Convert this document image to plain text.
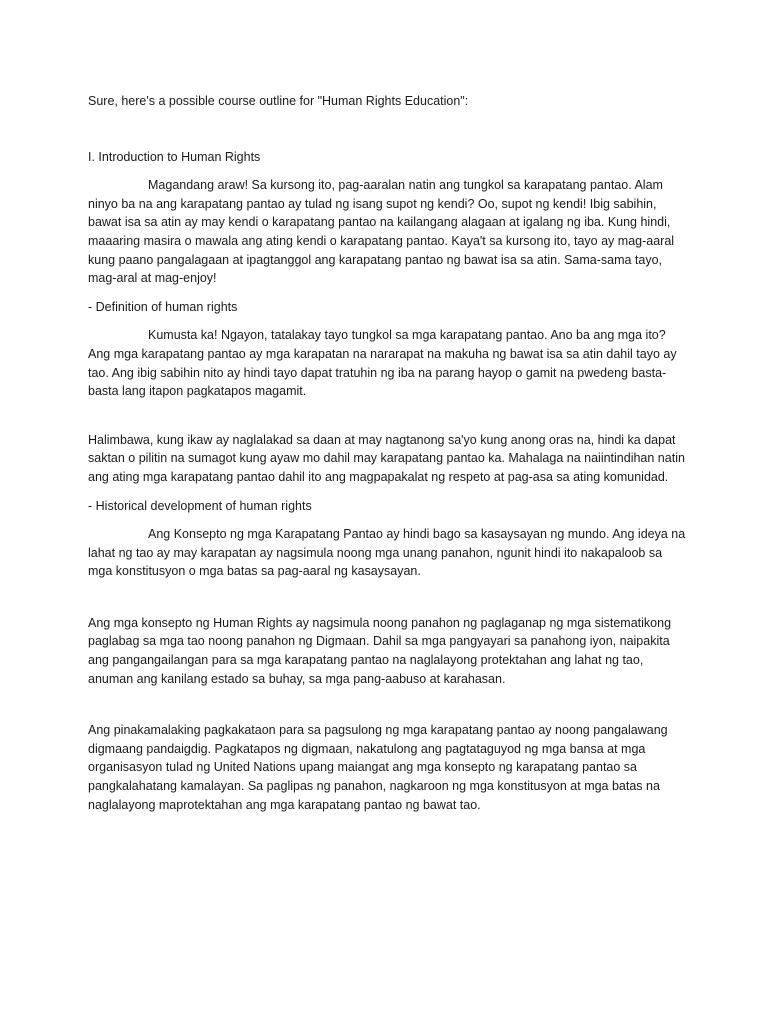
Sure, here's a possible course outline for "Human Rights Education":

I. Introduction to Human Rights

Magandang araw! Sa kursong ito, pag-aaralan natin ang tungkol sa karapatang pantao. Alam ninyo ba na ang karapatang pantao ay tulad ng isang supot ng kendi? Oo, supot ng kendi! Ibig sabihin, bawat isa sa atin ay may kendi o karapatang pantao na kailangang alagaan at igalang ng iba. Kung hindi, maaaring masira o mawala ang ating kendi o karapatang pantao. Kaya't sa kursong ito, tayo ay mag-aaral kung paano pangalagaan at ipagtanggol ang karapatang pantao ng bawat isa sa atin. Sama-sama tayo, mag-aral at mag-enjoy!

- Definition of human rights

Kumusta ka! Ngayon, tatalakay tayo tungkol sa mga karapatang pantao. Ano ba ang mga ito? Ang mga karapatang pantao ay mga karapatan na nararapat na makuha ng bawat isa sa atin dahil tayo ay tao. Ang ibig sabihin nito ay hindi tayo dapat tratuhin ng iba na parang hayop o gamit na pwedeng basta-basta lang itapon pagkatapos magamit.

Halimbawa, kung ikaw ay naglalakad sa daan at may nagtanong sa'yo kung anong oras na, hindi ka dapat saktan o pilitin na sumagot kung ayaw mo dahil may karapatang pantao ka. Mahalaga na naiintindihan natin ang ating mga karapatang pantao dahil ito ang magpapakalat ng respeto at pag-asa sa ating komunidad.

- Historical development of human rights

Ang Konsepto ng mga Karapatang Pantao ay hindi bago sa kasaysayan ng mundo. Ang ideya na lahat ng tao ay may karapatan ay nagsimula noong mga unang panahon, ngunit hindi ito nakapaloob sa mga konstitusyon o mga batas sa pag-aaral ng kasaysayan.

Ang mga konsepto ng Human Rights ay nagsimula noong panahon ng paglaganap ng mga sistematikong paglabag sa mga tao noong panahon ng Digmaan. Dahil sa mga pangyayari sa panahong iyon, naipakita ang pangangailangan para sa mga karapatang pantao na naglalayong protektahan ang lahat ng tao, anuman ang kanilang estado sa buhay, sa mga pang-aabuso at karahasan.

Ang pinakamalaking pagkakataon para sa pagsulong ng mga karapatang pantao ay noong pangalawang digmaang pandaigdig. Pagkatapos ng digmaan, nakatulong ang pagtataguyod ng mga bansa at mga organisasyon tulad ng United Nations upang maiangat ang mga konsepto ng karapatang pantao sa pangkalahatang kamalayan. Sa paglipas ng panahon, nagkaroon ng mga konstitusyon at mga batas na naglalayong maprotektahan ang mga karapatang pantao ng bawat tao.
